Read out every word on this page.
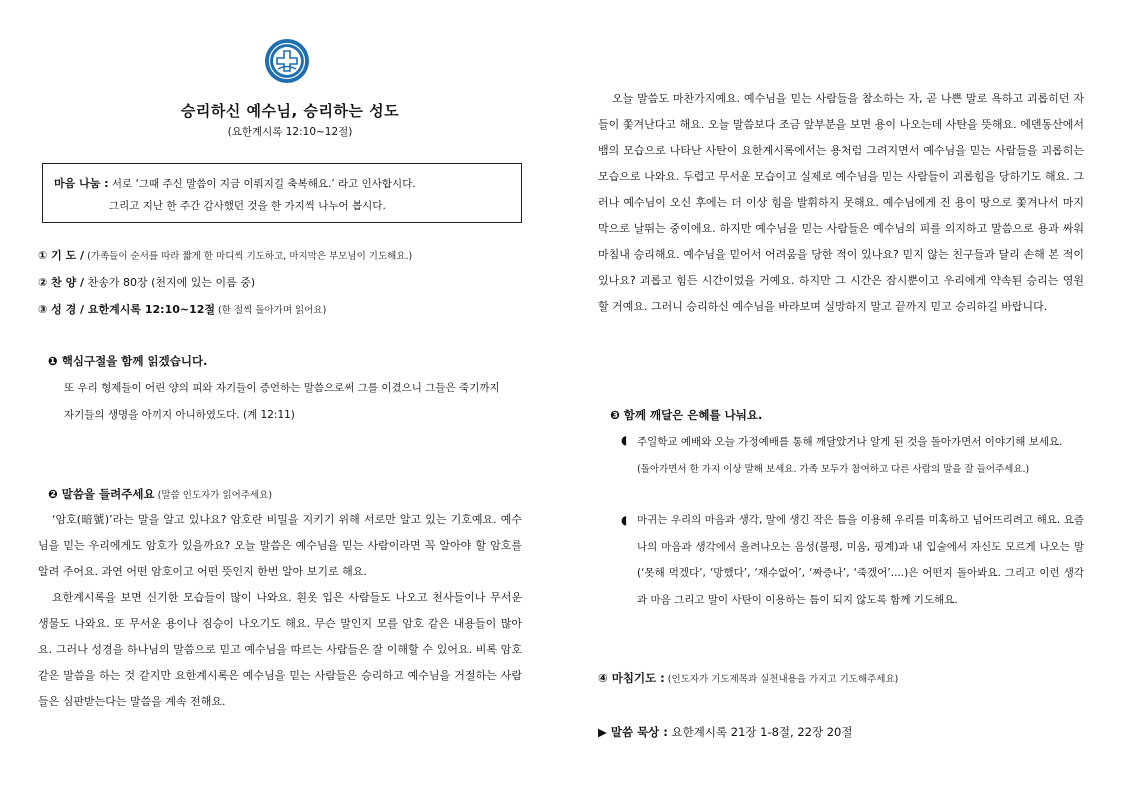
승리하신 예수님, 승리하는 성도
(요한계시록 12:10~12절)
마음 나눔 : 서로 ‘그때 주신 말씀이 지금 이뤄지길 축복해요.’ 라고 인사합시다.
그리고 지난 한 주간 감사했던 것을 한 가지씩 나누어 봅시다.
① 기 도 / (가족들이 순서를 따라 짧게 한 마디씩 기도하고, 마지막은 부모님이 기도해요.)
② 찬 양 / 찬송가 80장 (천지에 있는 이름 중)
③ 성 경 / 요한계시록 12:10~12절 (한 절씩 돌아가며 읽어요)
❶ 핵심구절을 함께 읽겠습니다.
또 우리 형제들이 어린 양의 피와 자기들이 증언하는 말씀으로써 그를 이겼으니 그들은 죽기까지
자기들의 생명을 아끼지 아니하였도다. (계 12:11)
❷ 말씀을 들려주세요 (말씀 인도자가 읽어주세요)

‘암호(暗號)’라는 말을 알고 있나요? 암호란 비밀을 지키기 위해 서로만 알고 있는 기호예요. 예수님을 믿는 우리에게도 암호가 있을까요? 오늘 말씀은 예수님을 믿는 사람이라면 꼭 알아야 할 암호를 알려 주어요. 과연 어떤 암호이고 어떤 뜻인지 한번 알아 보기로 해요.

요한계시록을 보면 신기한 모습들이 많이 나와요. 흰옷 입은 사람들도 나오고 천사들이나 무서운 생물도 나와요. 또 무서운 용이나 짐승이 나오기도 해요. 무슨 말인지 모를 암호 같은 내용들이 많아요. 그러나 성경을 하나님의 말씀으로 믿고 예수님을 따르는 사람들은 잘 이해할 수 있어요. 비록 암호 같은 말씀을 하는 것 같지만 요한계시록은 예수님을 믿는 사람들은 승리하고 예수님을 거절하는 사람들은 심판받는다는 말씀을 계속 전해요.

오늘 말씀도 마찬가지예요. 예수님을 믿는 사람들을 참소하는 자, 곧 나쁜 말로 욕하고 괴롭히던 자들이 쫓겨난다고 해요. 오늘 말씀보다 조금 앞부분을 보면 용이 나오는데 사탄을 뜻해요. 에덴동산에서 뱀의 모습으로 나타난 사탄이 요한계시록에서는 용처럼 그려지면서 예수님을 믿는 사람들을 괴롭히는 모습으로 나와요. 두렵고 무서운 모습이고 실제로 예수님을 믿는 사람들이 괴롭힘을 당하기도 해요. 그러나 예수님이 오신 후에는 더 이상 힘을 발휘하지 못해요. 예수님에게 진 용이 땅으로 쫓겨나서 마지막으로 날뛰는 중이에요. 하지만 예수님을 믿는 사람들은 예수님의 피를 의지하고 말씀으로 용과 싸워 마침내 승리해요. 예수님을 믿어서 어려움을 당한 적이 있나요? 믿지 않는 친구들과 달리 손해 본 적이 있나요? 괴롭고 힘든 시간이었을 거예요. 하지만 그 시간은 잠시뿐이고 우리에게 약속된 승리는 영원할 거예요. 그러니 승리하신 예수님을 바라보며 실망하지 말고 끝까지 믿고 승리하길 바랍니다.

❸ 함께 깨달은 은혜를 나눠요.
◖ 주일학교 예배와 오늘 가정예배를 통해 깨달았거나 알게 된 것을 돌아가면서 이야기해 보세요.
(돌아가면서 한 가지 이상 말해 보세요. 가족 모두가 참여하고 다른 사람의 말을 잘 들어주세요.)
◖ 마귀는 우리의 마음과 생각, 말에 생긴 작은 틈을 이용해 우리를 미혹하고 넘어뜨리려고 해요. 요즘 나의 마음과 생각에서 올려나오는 음성(불평, 미움, 핑계)과 내 입술에서 자신도 모르게 나오는 말(‘못해 먹겠다’, ‘망했다’, ‘재수없어’, ‘짜증나’, ‘죽겠어’....)은 어떤지 돌아봐요. 그리고 이런 생각과 마음 그리고 말이 사탄이 이용하는 틈이 되지 않도록 함께 기도해요.

④ 마침기도 : (인도자가 기도제목과 실천내용을 가지고 기도해주세요)
▶ 말씀 묵상 : 요한계시록 21장 1-8절, 22장 20절
